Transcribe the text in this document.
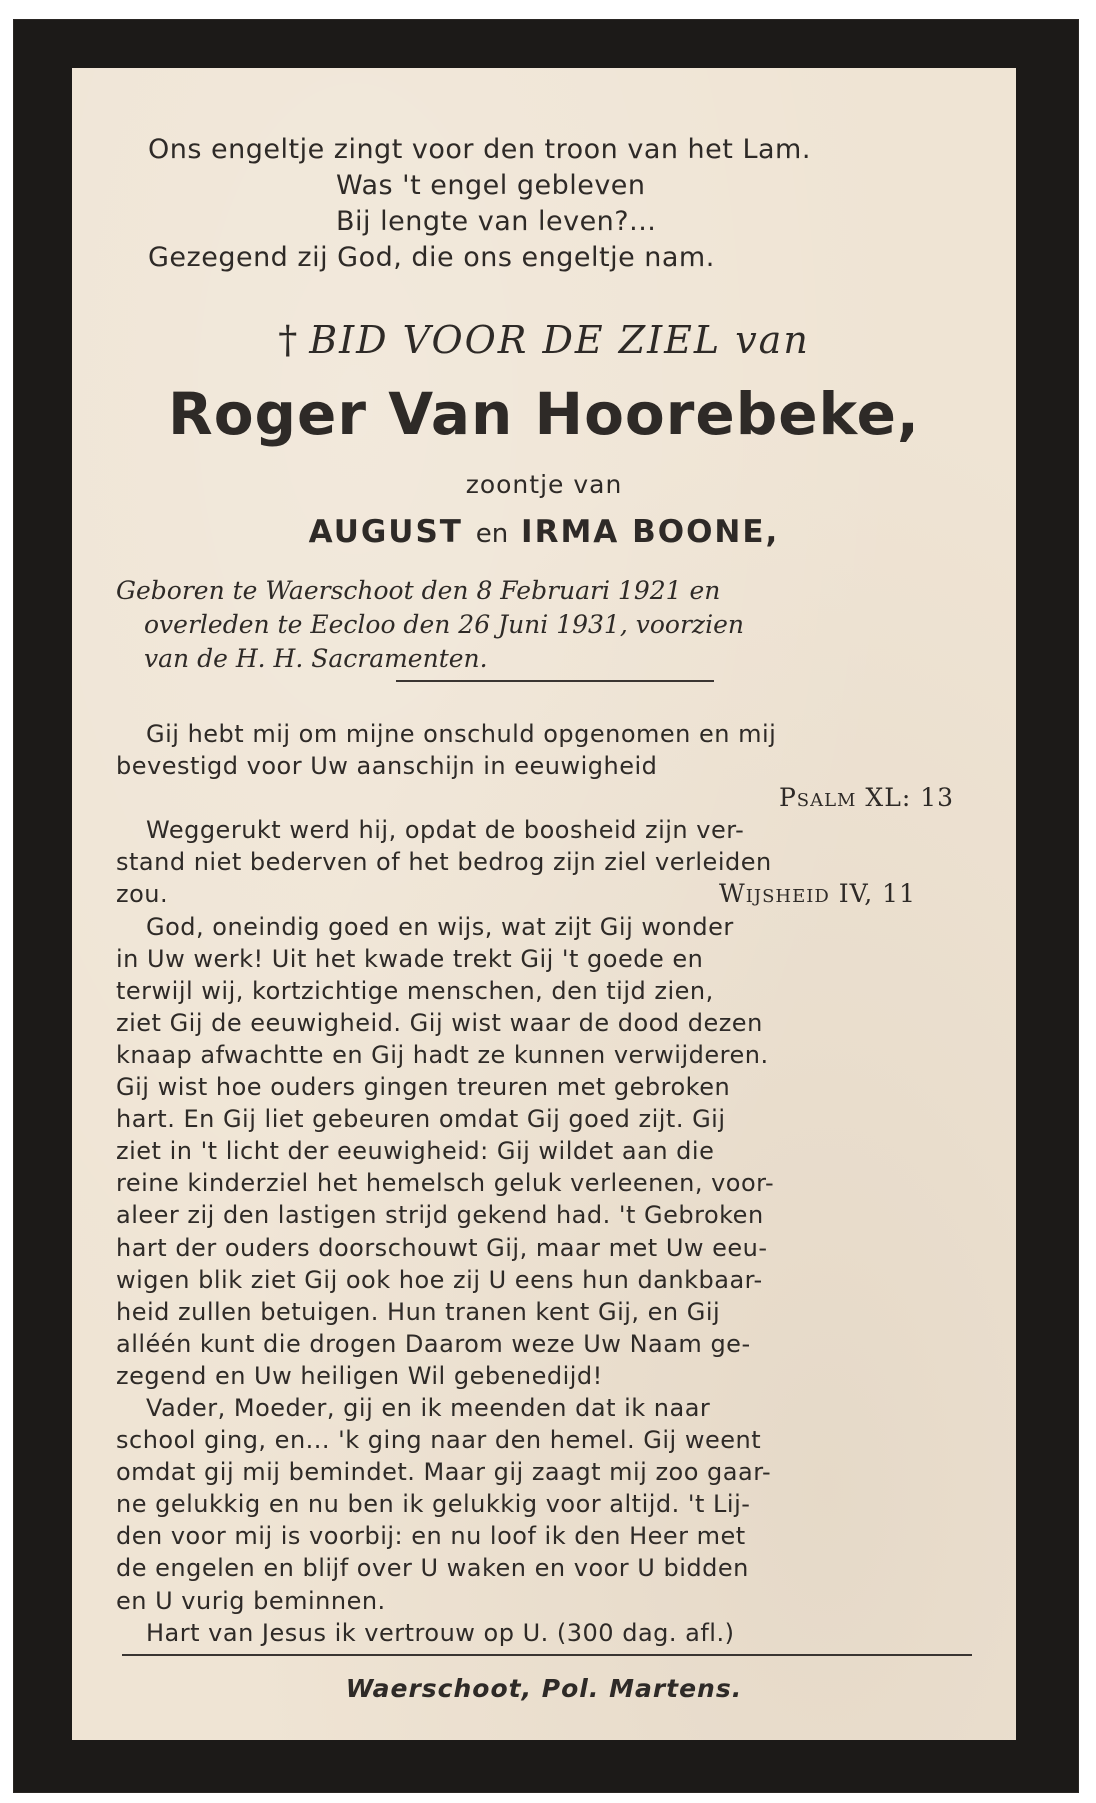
Ons engeltje zingt voor den troon van het Lam.
Was 't engel gebleven
Bij lengte van leven?...
Gezegend zij God, die ons engeltje nam.
† BID VOOR DE ZIEL van
Roger Van Hoorebeke,
zoontje van
AUGUST en IRMA BOONE,
Geboren te Waerschoot den 8 Februari 1921 en
overleden te Eecloo den 26 Juni 1931, voorzien
van de H. H. Sacramenten.
Gij hebt mij om mijne onschuld opgenomen en mij
bevestigd voor Uw aanschijn in eeuwigheid
Psalm XL: 13
Weggerukt werd hij, opdat de boosheid zijn ver-
stand niet bederven of het bedrog zijn ziel verleiden
zou.	Wijsheid IV, 11
God, oneindig goed en wijs, wat zijt Gij wonder
in Uw werk! Uit het kwade trekt Gij 't goede en
terwijl wij, kortzichtige menschen, den tijd zien,
ziet Gij de eeuwigheid. Gij wist waar de dood dezen
knaap afwachtte en Gij hadt ze kunnen verwijderen.
Gij wist hoe ouders gingen treuren met gebroken
hart. En Gij liet gebeuren omdat Gij goed zijt. Gij
ziet in 't licht der eeuwigheid: Gij wildet aan die
reine kinderziel het hemelsch geluk verleenen, voor-
aleer zij den lastigen strijd gekend had. 't Gebroken
hart der ouders doorschouwt Gij, maar met Uw eeu-
wigen blik ziet Gij ook hoe zij U eens hun dankbaar-
heid zullen betuigen. Hun tranen kent Gij, en Gij
alléén kunt die drogen Daarom weze Uw Naam ge-
zegend en Uw heiligen Wil gebenedijd!
Vader, Moeder, gij en ik meenden dat ik naar
school ging, en... 'k ging naar den hemel. Gij weent
omdat gij mij bemindet. Maar gij zaagt mij zoo gaar-
ne gelukkig en nu ben ik gelukkig voor altijd. 't Lij-
den voor mij is voorbij: en nu loof ik den Heer met
de engelen en blijf over U waken en voor U bidden
en U vurig beminnen.
Hart van Jesus ik vertrouw op U. (300 dag. afl.)
Waerschoot, Pol. Martens.
